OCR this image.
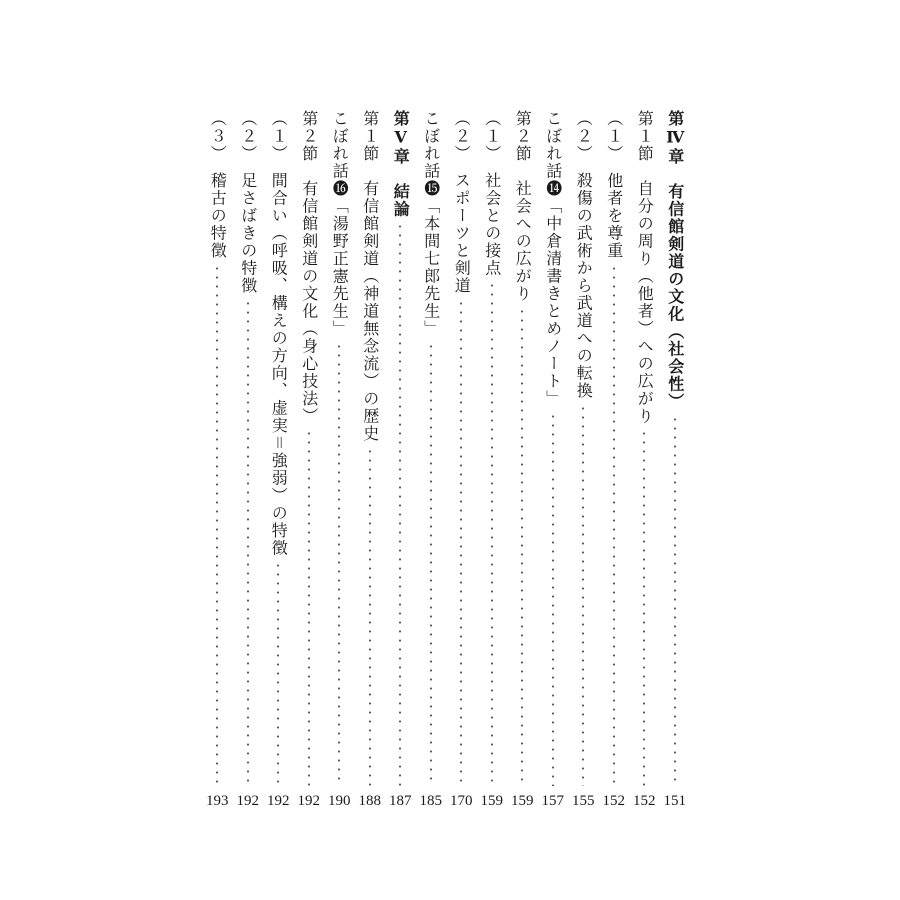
第Ⅳ章　有信館剣道の文化（社会性）
151
第１節　自分の周り（他者）への広がり
152
（１）　他者を尊重
152
（２）　殺傷の武術から武道への転換
155
こぼれ話⓮「中倉清書きとめノート」
157
第２節　社会への広がり
159
（１）　社会との接点
159
（２）　スポーツと剣道
170
こぼれ話⓯「本間七郎先生」
185
第Ⅴ章　結論
187
第１節　有信館剣道（神道無念流）の歴史
188
こぼれ話⓰「湯野正憲先生」
190
第２節　有信館剣道の文化（身心技法）
192
（１）　間合い（呼吸、構えの方向、虚実＝強弱）の特徴
192
（２）　足さばきの特徴
192
（３）　稽古の特徴
193
